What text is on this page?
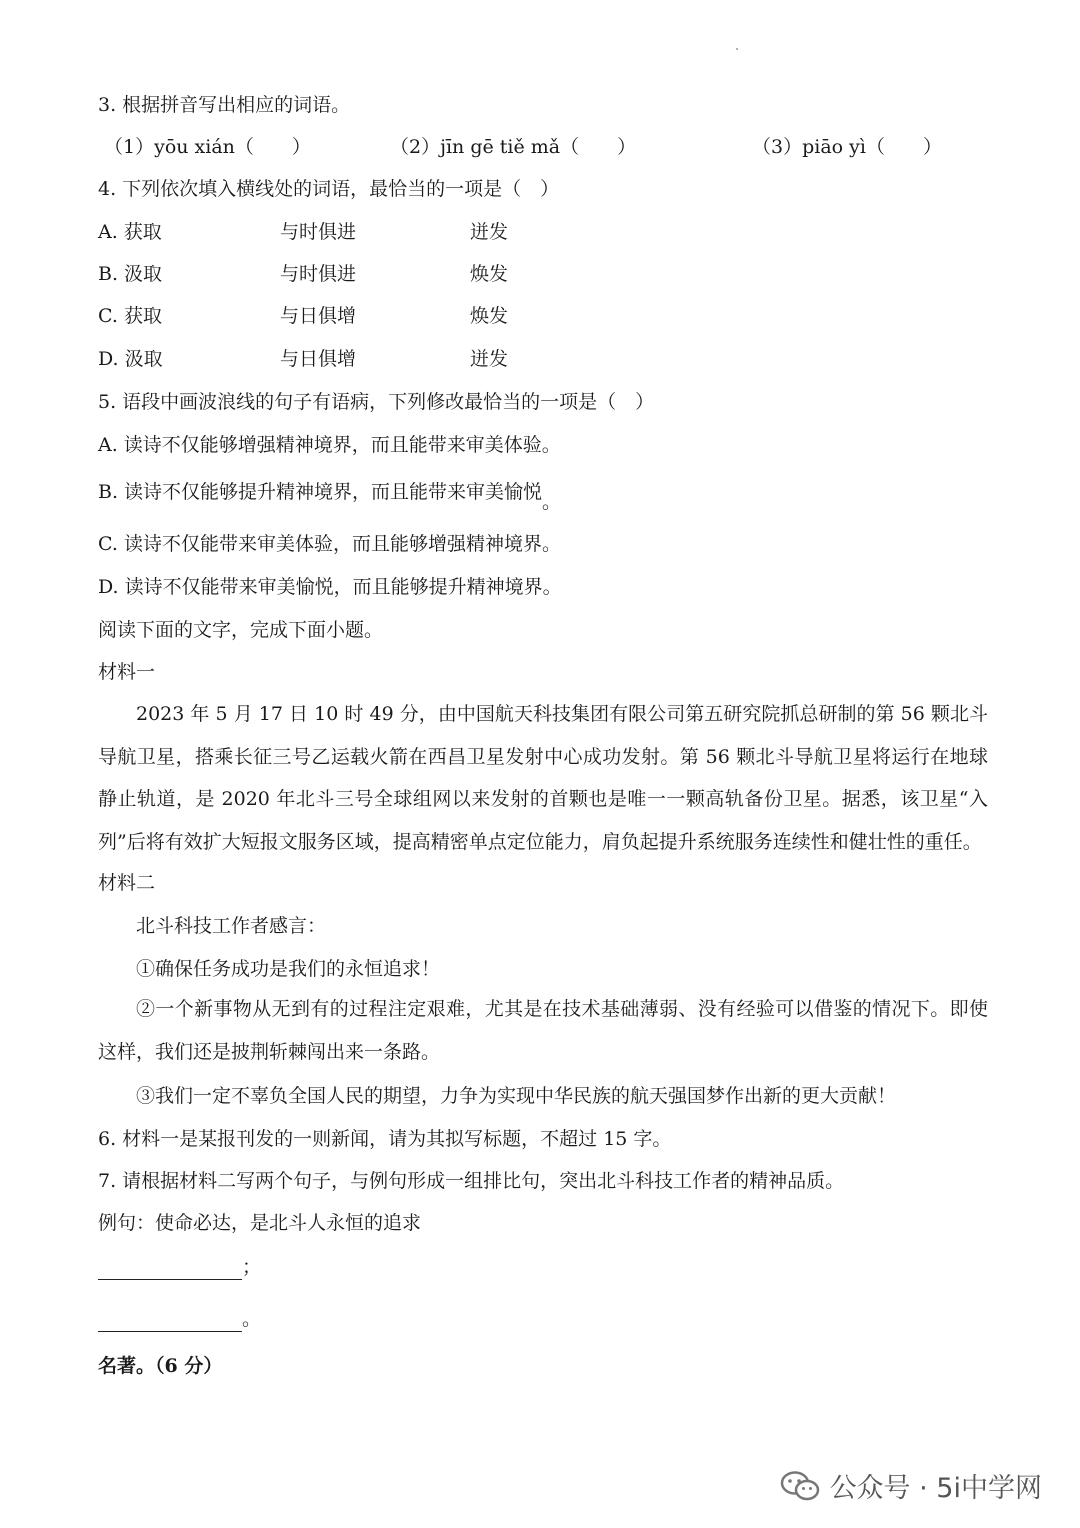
3. 根据拼音写出相应的词语。
（1）yōu xián（　　）	（2）jīn gē tiě mǎ（　　）	（3）piāo yì（　　）
4. 下列依次填入横线处的词语，最恰当的一项是（　）
A. 获取	与时俱进	迸发
B. 汲取	与时俱进	焕发
C. 获取	与日俱增	焕发
D. 汲取	与日俱增	迸发
5. 语段中画波浪线的句子有语病，下列修改最恰当的一项是（　）
A. 读诗不仅能够增强精神境界，而且能带来审美体验。
B. 读诗不仅能够提升精神境界，而且能带来审美愉悦。
C. 读诗不仅能带来审美体验，而且能够增强精神境界。
D. 读诗不仅能带来审美愉悦，而且能够提升精神境界。
阅读下面的文字，完成下面小题。
材料一
2023 年 5 月 17 日 10 时 49 分，由中国航天科技集团有限公司第五研究院抓总研制的第 56 颗北斗导航卫星，搭乘长征三号乙运载火箭在西昌卫星发射中心成功发射。第 56 颗北斗导航卫星将运行在地球静止轨道，是 2020 年北斗三号全球组网以来发射的首颗也是唯一一颗高轨备份卫星。据悉，该卫星“入列”后将有效扩大短报文服务区域，提高精密单点定位能力，肩负起提升系统服务连续性和健壮性的重任。
材料二
北斗科技工作者感言：
①确保任务成功是我们的永恒追求！
②一个新事物从无到有的过程注定艰难，尤其是在技术基础薄弱、没有经验可以借鉴的情况下。即使这样，我们还是披荆斩棘闯出来一条路。
③我们一定不辜负全国人民的期望，力争为实现中华民族的航天强国梦作出新的更大贡献！
6. 材料一是某报刊发的一则新闻，请为其拟写标题，不超过 15 字。
7. 请根据材料二写两个句子，与例句形成一组排比句，突出北斗科技工作者的精神品质。
例句：使命必达，是北斗人永恒的追求
；
。
名著。（6 分）
公众号 · 5i中学网
